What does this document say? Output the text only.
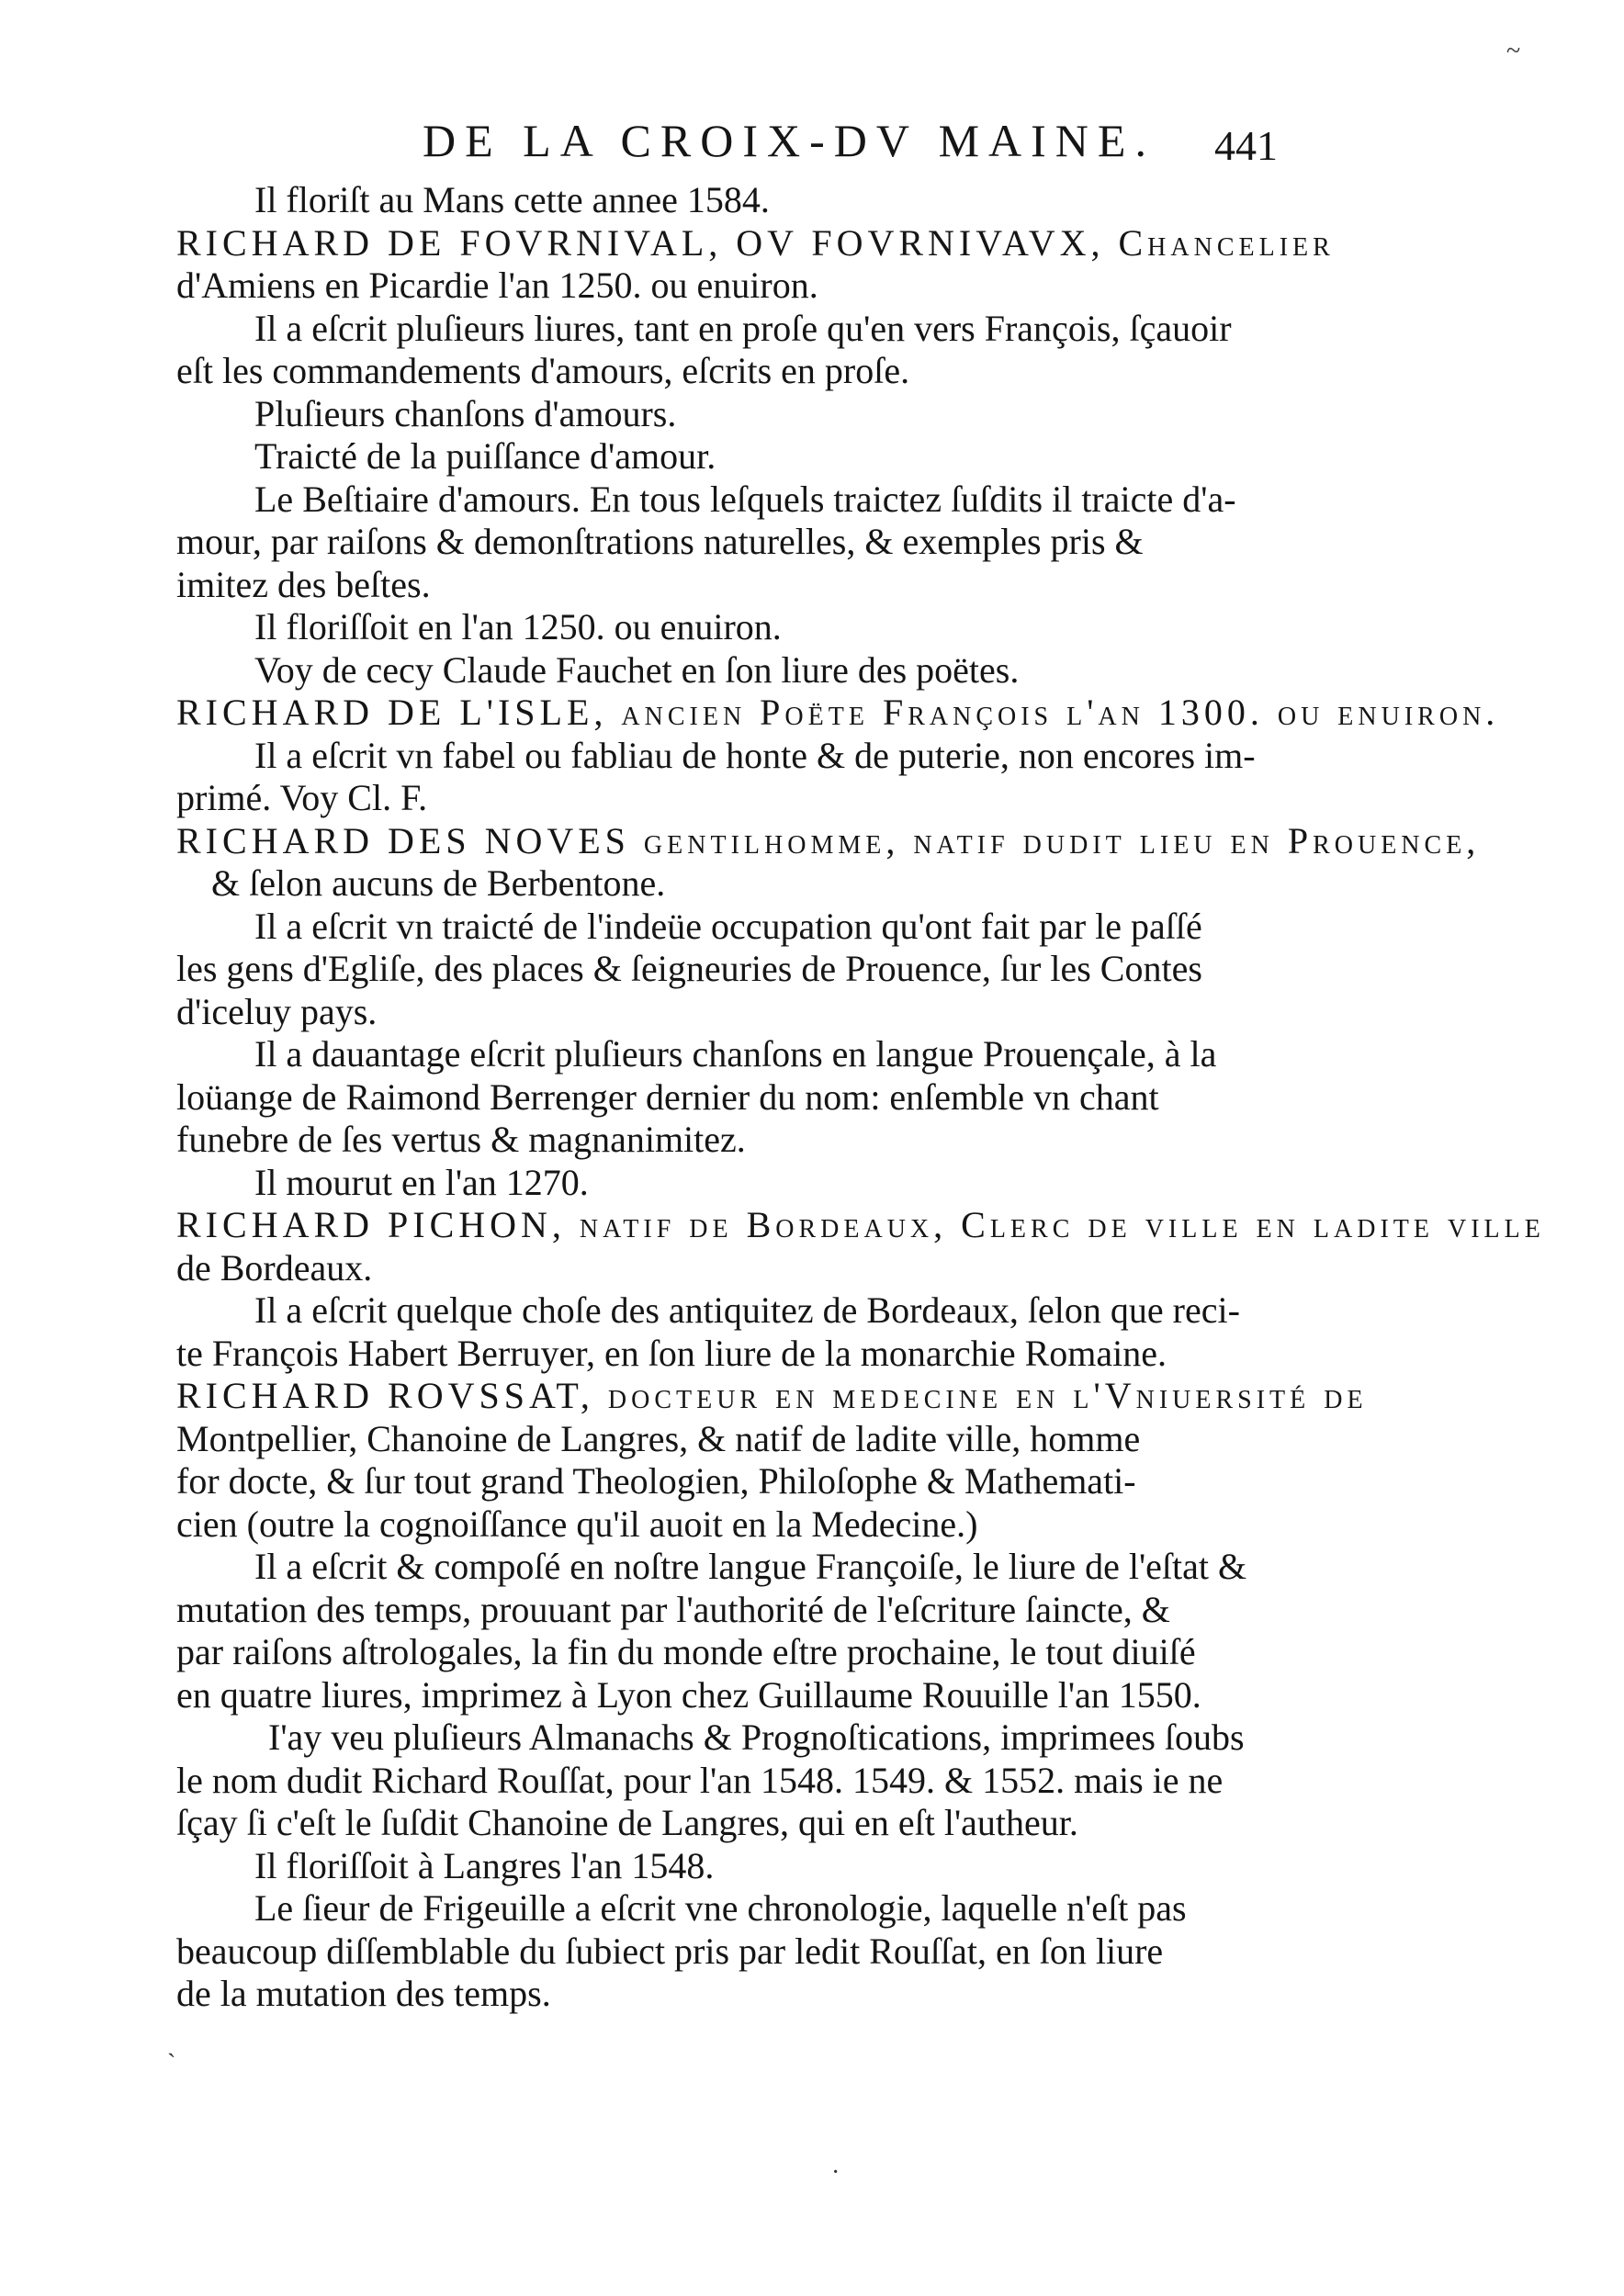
DE LA CROIX-DV MAINE. 441
~
Il floriſt au Mans cette annee 1584.
RICHARD DE FOVRNIVAL, OV FOVRNIVAVX, Chancelier
d'Amiens en Picardie l'an 1250. ou enuiron.
Il a eſcrit pluſieurs liures, tant en proſe qu'en vers François, ſçauoir
eſt les commandements d'amours, eſcrits en proſe.
Pluſieurs chanſons d'amours.
Traicté de la puiſſance d'amour.
Le Beſtiaire d'amours. En tous leſquels traictez ſuſdits il traicte d'a-
mour, par raiſons & demonſtrations naturelles, & exemples pris &
imitez des beſtes.
Il floriſſoit en l'an 1250. ou enuiron.
Voy de cecy Claude Fauchet en ſon liure des poëtes.
RICHARD DE L'ISLE, ancien Poëte François l'an 1300. ou enuiron.
Il a eſcrit vn fabel ou fabliau de honte & de puterie, non encores im-
primé. Voy Cl. F.
RICHARD DES NOVES gentilhomme, natif dudit lieu en Prouence,
& ſelon aucuns de Berbentone.
Il a eſcrit vn traicté de l'indeüe occupation qu'ont fait par le paſſé
les gens d'Egliſe, des places & ſeigneuries de Prouence, ſur les Contes
d'iceluy pays.
Il a dauantage eſcrit pluſieurs chanſons en langue Prouençale, à la
loüange de Raimond Berrenger dernier du nom: enſemble vn chant
funebre de ſes vertus & magnanimitez.
Il mourut en l'an 1270.
RICHARD PICHON, natif de Bordeaux, Clerc de ville en ladite ville
de Bordeaux.
Il a eſcrit quelque choſe des antiquitez de Bordeaux, ſelon que reci-
te François Habert Berruyer, en ſon liure de la monarchie Romaine.
RICHARD ROVSSAT, docteur en medecine en l'Vniuerſité de
Montpellier, Chanoine de Langres, & natif de ladite ville, homme
for docte, & ſur tout grand Theologien, Philoſophe & Mathemati-
cien (outre la cognoiſſance qu'il auoit en la Medecine.)
Il a eſcrit & compoſé en noſtre langue Françoiſe, le liure de l'eſtat &
mutation des temps, prouuant par l'authorité de l'eſcriture ſaincte, &
par raiſons aſtrologales, la fin du monde eſtre prochaine, le tout diuiſé
en quatre liures, imprimez à Lyon chez Guillaume Rouuille l'an 1550.
I'ay veu pluſieurs Almanachs & Prognoſtications, imprimees ſoubs
le nom dudit Richard Rouſſat, pour l'an 1548. 1549. & 1552. mais ie ne
ſçay ſi c'eſt le ſuſdit Chanoine de Langres, qui en eſt l'autheur.
Il floriſſoit à Langres l'an 1548.
Le ſieur de Frigeuille a eſcrit vne chronologie, laquelle n'eſt pas
beaucoup diſſemblable du ſubiect pris par ledit Rouſſat, en ſon liure
de la mutation des temps.
ˎ
·
